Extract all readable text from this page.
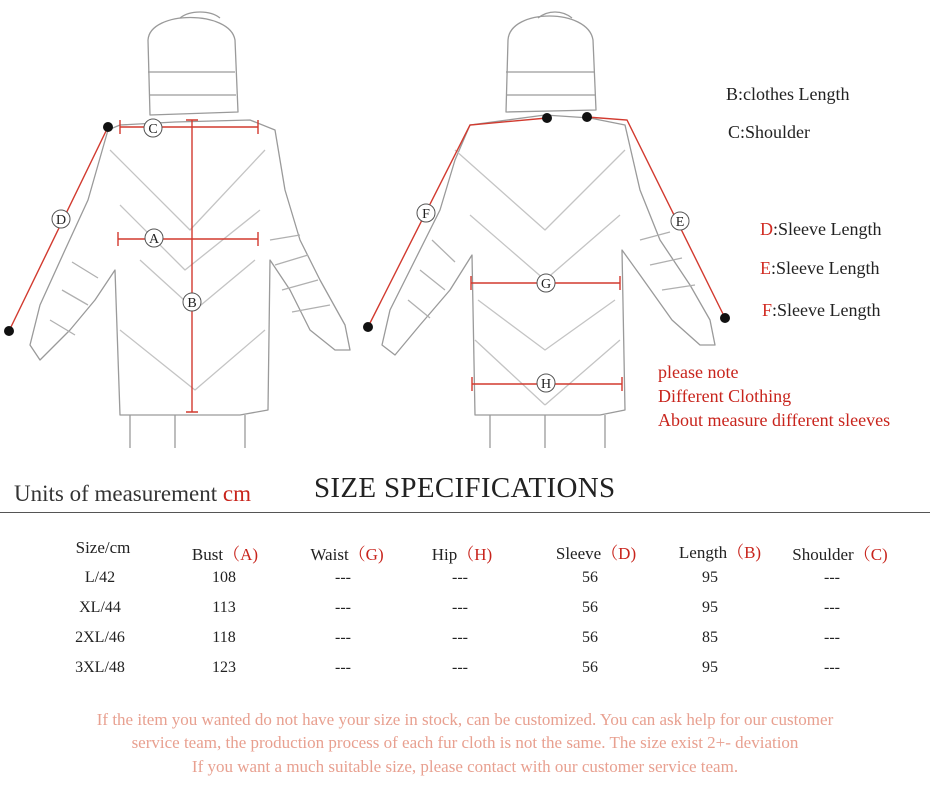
C
A
B
D	F
E
G
H
B:clothes Length
C:Shoulder
D:Sleeve Length
E:Sleeve Length
F:Sleeve Length
please note
Different Clothing
About measure different sleeves
Units of measurement cm SIZE SPECIFICATIONS
Size/cm	Bust（A)	Waist（G)	Hip（H)	Sleeve（D)	Length（B) Shoulder（C)
L/42	108	---	---	56	95	---
XL/44	113	---	---	56	95	---
2XL/46	118	---	---	56	85	---
3XL/48	123	---	---	56	95	---
If the item you wanted do not have your size in stock, can be customized. You can ask help for our customer
service team, the production process of each fur cloth is not the same. The size exist 2+- deviation
If you want a much suitable size, please contact with our customer service team.
